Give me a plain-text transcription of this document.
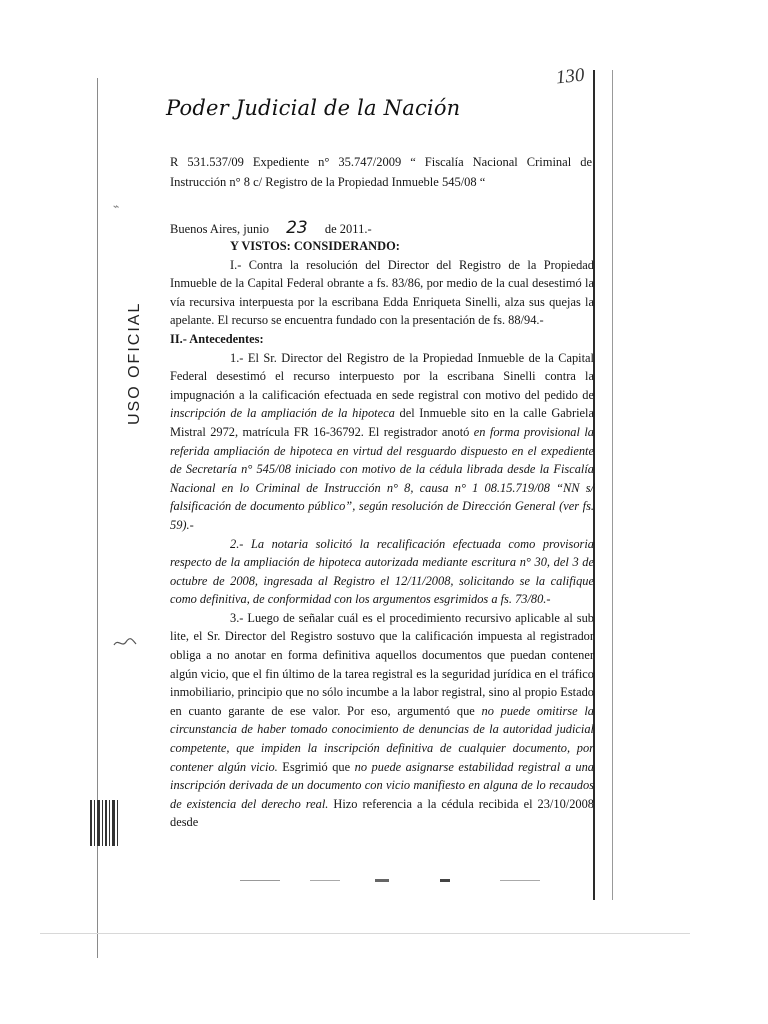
130
Poder Judicial de la Nación
USO OFICIAL
⌁
R 531.537/09 Expediente n° 35.747/2009 “ Fiscalía Nacional Criminal de Instrucción n° 8 c/ Registro de la Propiedad Inmueble 545/08 “
Buenos Aires, junio 23 de 2011.-

Y VISTOS: CONSIDERANDO:

I.- Contra la resolución del Director del Registro de la Propiedad Inmueble de la Capital Federal obrante a fs. 83/86, por medio de la cual desestimó la vía recursiva interpuesta por la escribana Edda Enriqueta Sinelli, alza sus quejas la apelante. El recurso se encuentra fundado con la presentación de fs. 88/94.-

II.- Antecedentes:

1.- El Sr. Director del Registro de la Propiedad Inmueble de la Capital Federal desestimó el recurso interpuesto por la escribana Sinelli contra la impugnación a la calificación efectuada en sede registral con motivo del pedido de inscripción de la ampliación de la hipoteca del Inmueble sito en la calle Gabriela Mistral 2972, matrícula FR 16-36792. El registrador anotó en forma provisional la referida ampliación de hipoteca en virtud del resguardo dispuesto en el expediente de Secretaría n° 545/08 iniciado con motivo de la cédula librada desde la Fiscalía Nacional en lo Criminal de Instrucción n° 8, causa n° 1 08.15.719/08 “NN s/ falsificación de documento público”, según resolución de Dirección General (ver fs. 59).-

2.- La notaria solicitó la recalificación efectuada como provisoria respecto de la ampliación de hipoteca autorizada mediante escritura n° 30, del 3 de octubre de 2008, ingresada al Registro el 12/11/2008, solicitando se la califique como definitiva, de conformidad con los argumentos esgrimidos a fs. 73/80.-

3.- Luego de señalar cuál es el procedimiento recursivo aplicable al sub lite, el Sr. Director del Registro sostuvo que la calificación impuesta al registrador obliga a no anotar en forma definitiva aquellos documentos que puedan contener algún vicio, que el fin último de la tarea registral es la seguridad jurídica en el tráfico inmobiliario, principio que no sólo incumbe a la labor registral, sino al propio Estado en cuanto garante de ese valor. Por eso, argumentó que no puede omitirse la circunstancia de haber tomado conocimiento de denuncias de la autoridad judicial competente, que impiden la inscripción definitiva de cualquier documento, por contener algún vicio. Esgrimió que no puede asignarse estabilidad registral a una inscripción derivada de un documento con vicio manifiesto en alguna de lo recaudos de existencia del derecho real. Hizo referencia a la cédula recibida el 23/10/2008 desde
